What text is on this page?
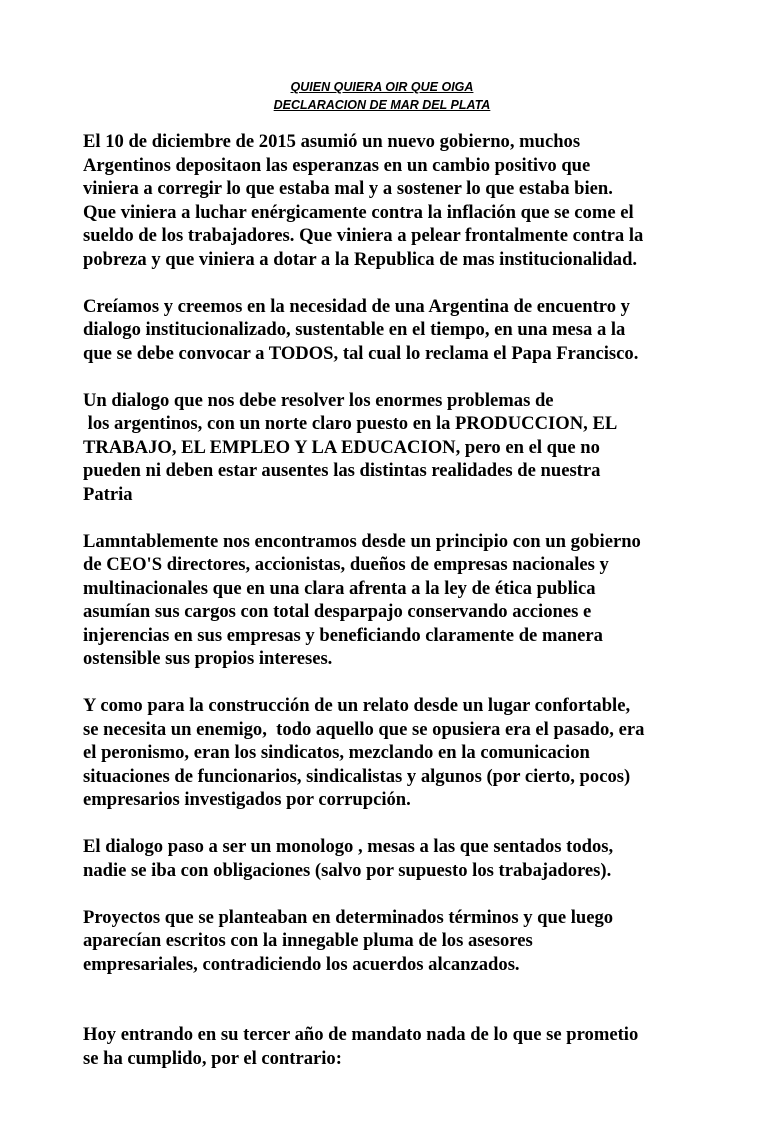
QUIEN QUIERA OIR QUE OIGA
DECLARACION DE MAR DEL PLATA

El 10 de diciembre de 2015 asumió un nuevo gobierno, muchos
Argentinos depositaon las esperanzas en un cambio positivo que
viniera a corregir lo que estaba mal y a sostener lo que estaba bien.
Que viniera a luchar enérgicamente contra la inflación que se come el
sueldo de los trabajadores. Que viniera a pelear frontalmente contra la
pobreza y que viniera a dotar a la Republica de mas institucionalidad.

Creíamos y creemos en la necesidad de una Argentina de encuentro y
dialogo institucionalizado, sustentable en el tiempo, en una mesa a la
que se debe convocar a TODOS, tal cual lo reclama el Papa Francisco.

Un dialogo que nos debe resolver los enormes problemas de
los argentinos, con un norte claro puesto en la PRODUCCION, EL
TRABAJO, EL EMPLEO Y LA EDUCACION, pero en el que no
pueden ni deben estar ausentes las distintas realidades de nuestra
Patria

Lamntablemente nos encontramos desde un principio con un gobierno
de CEO'S directores, accionistas, dueños de empresas nacionales y
multinacionales que en una clara afrenta a la ley de ética publica
asumían sus cargos con total desparpajo conservando acciones e
injerencias en sus empresas y beneficiando claramente de manera
ostensible sus propios intereses.

Y como para la construcción de un relato desde un lugar confortable,
se necesita un enemigo,  todo aquello que se opusiera era el pasado, era
el peronismo, eran los sindicatos, mezclando en la comunicacion
situaciones de funcionarios, sindicalistas y algunos (por cierto, pocos)
empresarios investigados por corrupción.

El dialogo paso a ser un monologo , mesas a las que sentados todos,
nadie se iba con obligaciones (salvo por supuesto los trabajadores).

Proyectos que se planteaban en determinados términos y que luego
aparecían escritos con la innegable pluma de los asesores
empresariales, contradiciendo los acuerdos alcanzados.

Hoy entrando en su tercer año de mandato nada de lo que se prometio
se ha cumplido, por el contrario:
